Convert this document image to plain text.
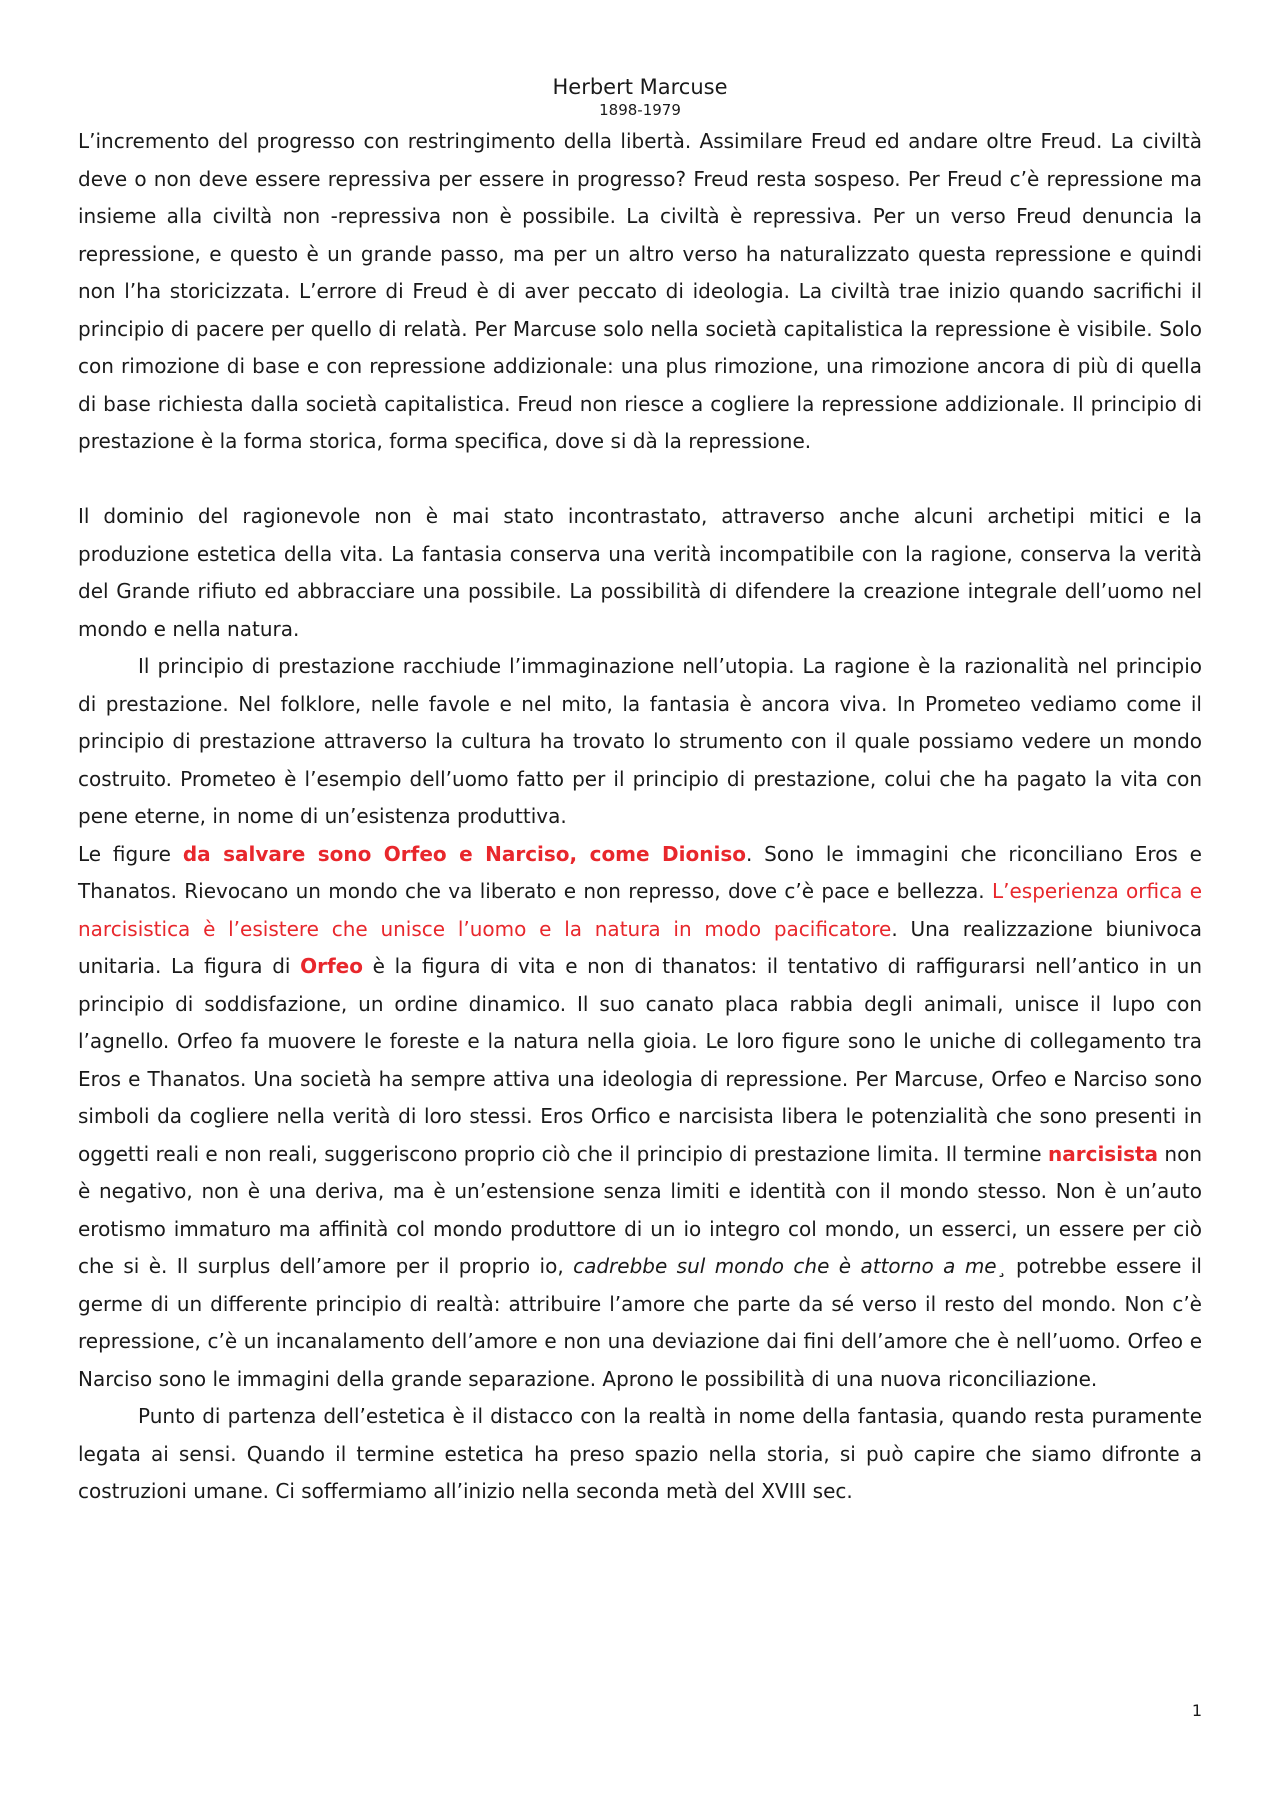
Herbert Marcuse
1898-1979

L’incremento del progresso con restringimento della libertà. Assimilare Freud ed andare oltre Freud. La civiltà deve o non deve essere repressiva per essere in progresso? Freud resta sospeso. Per Freud c’è repressione ma insieme alla civiltà non -repressiva non è possibile. La civiltà è repressiva. Per un verso Freud denuncia la repressione, e questo è un grande passo, ma per un altro verso ha naturalizzato questa repressione e quindi non l’ha storicizzata. L’errore di Freud è di aver peccato di ideologia. La civiltà trae inizio quando sacrifichi il principio di pacere per quello di relatà. Per Marcuse solo nella società capitalistica la repressione è visibile. Solo con rimozione di base e con repressione addizionale: una plus rimozione, una rimozione ancora di più di quella di base richiesta dalla società capitalistica. Freud non riesce a cogliere la repressione addizionale. Il principio di prestazione è la forma storica, forma specifica, dove si dà la repressione.

Il dominio del ragionevole non è mai stato incontrastato, attraverso anche alcuni archetipi mitici e la produzione estetica della vita. La fantasia conserva una verità incompatibile con la ragione, conserva la verità del Grande rifiuto ed abbracciare una possibile. La possibilità di difendere la creazione integrale dell’uomo nel mondo e nella natura.

Il principio di prestazione racchiude l’immaginazione nell’utopia. La ragione è la razionalità nel principio di prestazione. Nel folklore, nelle favole e nel mito, la fantasia è ancora viva. In Prometeo vediamo come il principio di prestazione attraverso la cultura ha trovato lo strumento con il quale possiamo vedere un mondo costruito. Prometeo è l’esempio dell’uomo fatto per il principio di prestazione, colui che ha pagato la vita con pene eterne, in nome di un’esistenza produttiva.

Le figure da salvare sono Orfeo e Narciso, come Dioniso. Sono le immagini che riconciliano Eros e Thanatos. Rievocano un mondo che va liberato e non represso, dove c’è pace e bellezza. L’esperienza orfica e narcisistica è l’esistere che unisce l’uomo e la natura in modo pacificatore. Una realizzazione biunivoca unitaria. La figura di Orfeo è la figura di vita e non di thanatos: il tentativo di raffigurarsi nell’antico in un principio di soddisfazione, un ordine dinamico. Il suo canato placa rabbia degli animali, unisce il lupo con l’agnello. Orfeo fa muovere le foreste e la natura nella gioia. Le loro figure sono le uniche di collegamento tra Eros e Thanatos. Una società ha sempre attiva una ideologia di repressione. Per Marcuse, Orfeo e Narciso sono simboli da cogliere nella verità di loro stessi. Eros Orfico e narcisista libera le potenzialità che sono presenti in oggetti reali e non reali, suggeriscono proprio ciò che il principio di prestazione limita. Il termine narcisista non è negativo, non è una deriva, ma è un’estensione senza limiti e identità con il mondo stesso. Non è un’auto erotismo immaturo ma affinità col mondo produttore di un io integro col mondo, un esserci, un essere per ciò che si è. Il surplus dell’amore per il proprio io, cadrebbe sul mondo che è attorno a me¸ potrebbe essere il germe di un differente principio di realtà: attribuire l’amore che parte da sé verso il resto del mondo. Non c’è repressione, c’è un incanalamento dell’amore e non una deviazione dai fini dell’amore che è nell’uomo. Orfeo e Narciso sono le immagini della grande separazione. Aprono le possibilità di una nuova riconciliazione.

Punto di partenza dell’estetica è il distacco con la realtà in nome della fantasia, quando resta puramente legata ai sensi. Quando il termine estetica ha preso spazio nella storia, si può capire che siamo difronte a costruzioni umane. Ci soffermiamo all’inizio nella seconda metà del XVIII sec.

1
